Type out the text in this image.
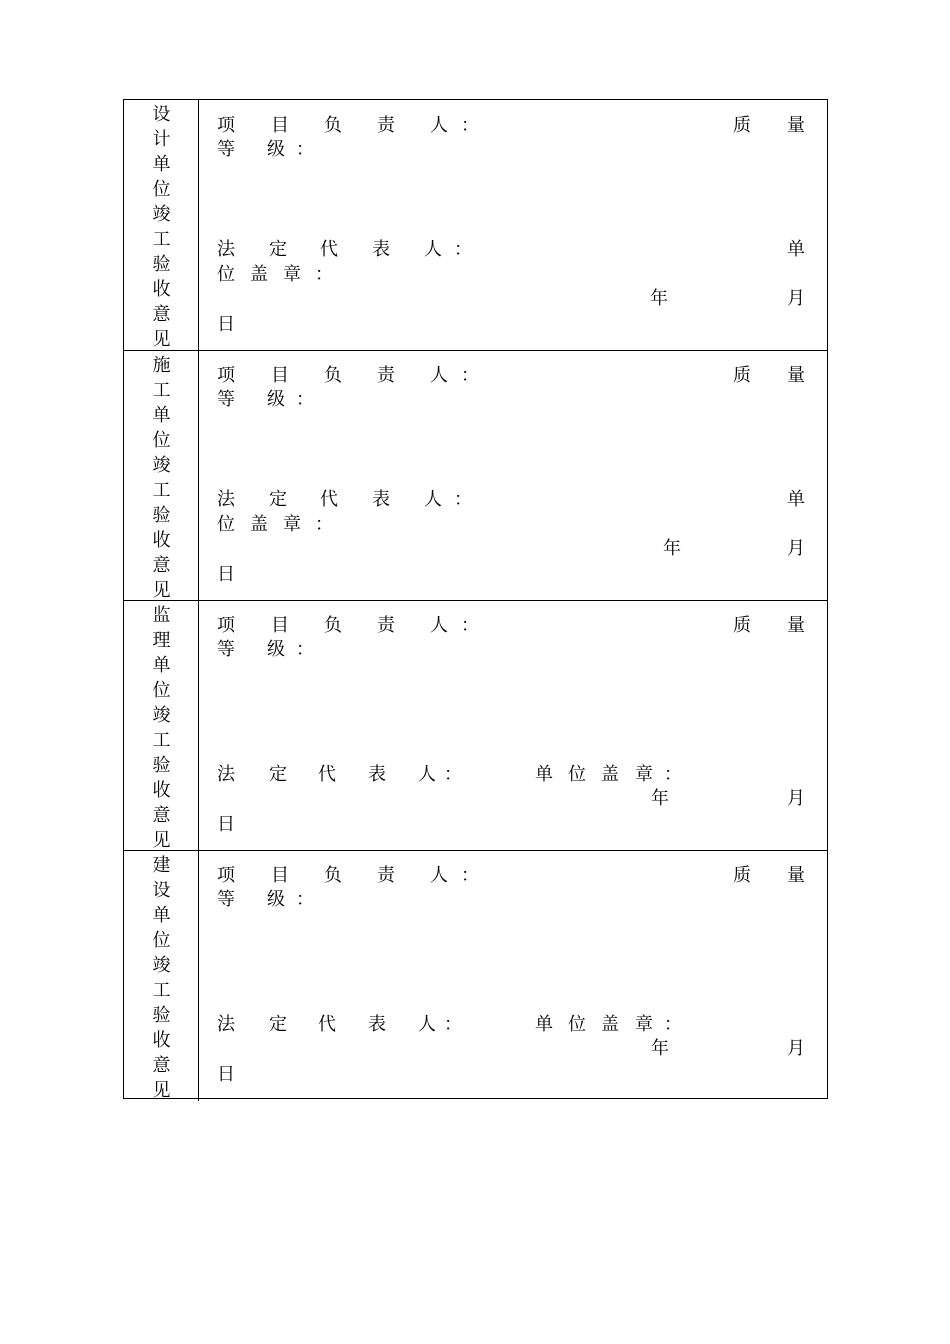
设
计
单
位
竣
工
验
收
意
见
项 目 负 责 人 ：	质 量
等 级 ：
法 定 代 表 人 ：	单
位 盖 章 ：
年	月
日
施
工
单
位
竣
工
验
收
意
见
项 目 负 责 人 ：	质 量
等 级 ：
法 定 代 表 人 ：	单
位 盖 章 ：
年	月
日
监
理
单
位
竣
工
验
收
意
见
项 目 负 责 人 ：	质 量
等 级 ：
法 定 代 表 人 ：	单 位 盖 章 ：
年	月
日
建
设
单
位
竣
工
验
收
意
见
项 目 负 责 人 ：	质 量
等 级 ：
法 定 代 表 人 ：	单 位 盖 章 ：
年	月
日
